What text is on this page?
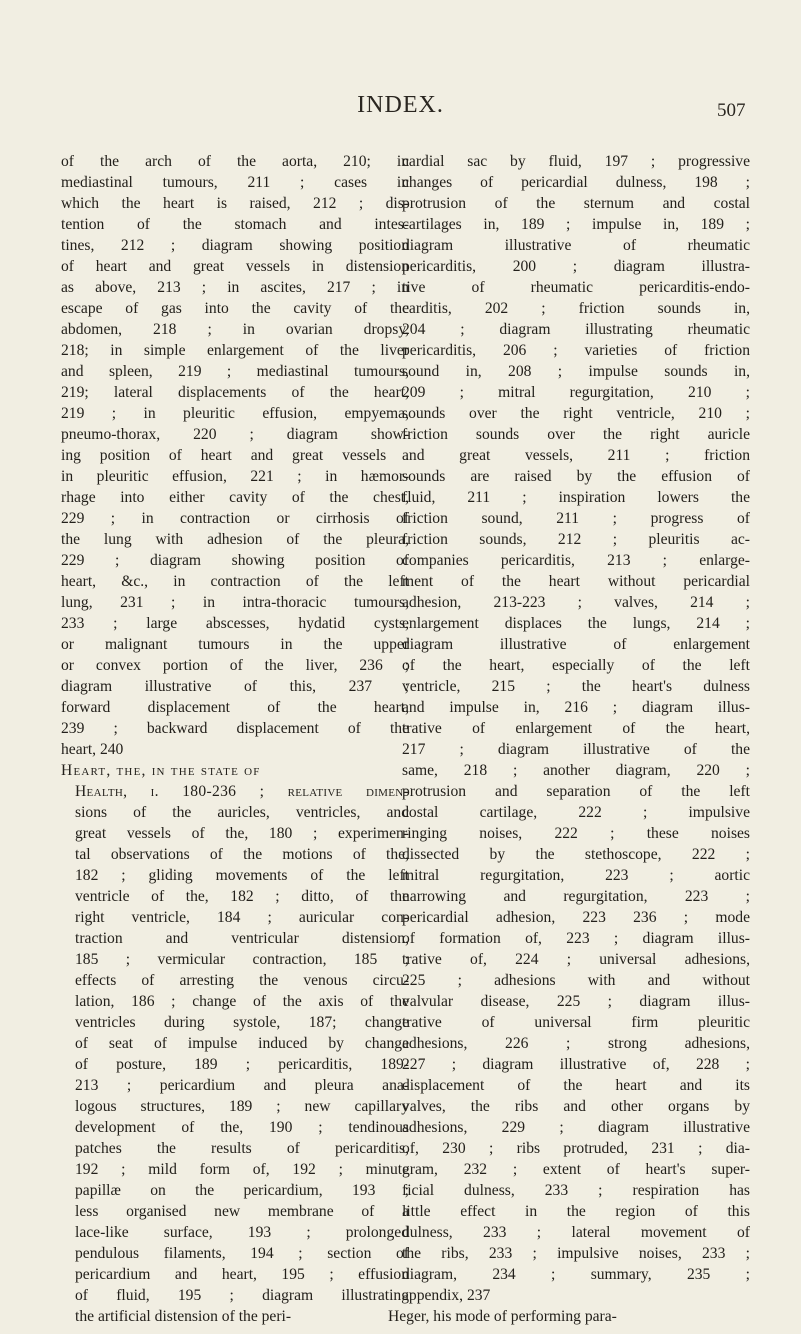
INDEX.	507
of the arch of the aorta, 210; in
mediastinal tumours, 211 ; cases in
which the heart is raised, 212 ; dis-
tention of the stomach and intes-
tines, 212 ; diagram showing position
of heart and great vessels in distension
as above, 213 ; in ascites, 217 ; in
escape of gas into the cavity of the
abdomen, 218 ; in ovarian dropsy,
218; in simple enlargement of the liver
and spleen, 219 ; mediastinal tumours,
219; lateral displacements of the heart,
219 ; in pleuritic effusion, empyema,
pneumo-thorax, 220 ; diagram show-
ing position of heart and great vessels .
in pleuritic effusion, 221 ; in hæmor-
rhage into either cavity of the chest,
229 ; in contraction or cirrhosis of
the lung with adhesion of the pleura,
229 ; diagram showing position of
heart, &c., in contraction of the left
lung, 231 ; in intra-thoracic tumours,
233 ; large abscesses, hydatid cysts,
or malignant tumours in the upper
or convex portion of the liver, 236 ;
diagram illustrative of this, 237 ;
forward displacement of the heart,
239 ; backward displacement of the
heart, 240
Heart, the, in the state of
Health, i. 180-236 ; relative dimen-
sions of the auricles, ventricles, and
great vessels of the, 180 ; experimen-
tal observations of the motions of the,
182 ; gliding movements of the left
ventricle of the, 182 ; ditto, of the
right ventricle, 184 ; auricular con-
traction and ventricular distension,
185 ; vermicular contraction, 185 ;
effects of arresting the venous circu-
lation, 186 ; change of the axis of the
ventricles during systole, 187; change
of seat of impulse induced by change
of posture, 189 ; pericarditis, 189-
213 ; pericardium and pleura ana-
logous structures, 189 ; new capillary
development of the, 190 ; tendinous
patches the results of pericarditis,
192 ; mild form of, 192 ; minute
papillæ on the pericardium, 193 ;
less organised new membrane of a
lace-like surface, 193 ; prolonged
pendulous filaments, 194 ; section of
pericardium and heart, 195 ; effusion
of fluid, 195 ; diagram illustrating
the artificial distension of the peri-
cardial sac by fluid, 197 ; progressive
changes of pericardial dulness, 198 ;
protrusion of the sternum and costal
cartilages in, 189 ; impulse in, 189 ;
diagram illustrative of rheumatic
pericarditis, 200 ; diagram illustra-
tive of rheumatic pericarditis-endo-
carditis, 202 ; friction sounds in,
204 ; diagram illustrating rheumatic
pericarditis, 206 ; varieties of friction
sound in, 208 ; impulse sounds in,
209 ; mitral regurgitation, 210 ;
sounds over the right ventricle, 210 ;
friction sounds over the right auricle
and great vessels, 211 ; friction
sounds are raised by the effusion of
fluid, 211 ; inspiration lowers the
friction sound, 211 ; progress of
friction sounds, 212 ; pleuritis ac-
companies pericarditis, 213 ; enlarge-
ment of the heart without pericardial
adhesion, 213-223 ; valves, 214 ;
enlargement displaces the lungs, 214 ;
diagram illustrative of enlargement
of the heart, especially of the left
ventricle, 215 ; the heart's dulness
and impulse in, 216 ; diagram illus-
trative of enlargement of the heart,
217 ; diagram illustrative of the
same, 218 ; another diagram, 220 ;
protrusion and separation of the left
costal cartilage, 222 ; impulsive
ringing noises, 222 ; these noises
dissected by the stethoscope, 222 ;
mitral regurgitation, 223 ; aortic
narrowing and regurgitation, 223 ;
pericardial adhesion, 223 236 ; mode
of formation of, 223 ; diagram illus-
trative of, 224 ; universal adhesions,
225 ; adhesions with and without
valvular disease, 225 ; diagram illus-
trative of universal firm pleuritic
adhesions, 226 ; strong adhesions,
227 ; diagram illustrative of, 228 ;
displacement of the heart and its
valves, the ribs and other organs by
adhesions, 229 ; diagram illustrative
of, 230 ; ribs protruded, 231 ; dia-
gram, 232 ; extent of heart's super-
ficial dulness, 233 ; respiration has
little effect in the region of this
dulness, 233 ; lateral movement of
the ribs, 233 ; impulsive noises, 233 ;
diagram, 234 ; summary, 235 ;
appendix, 237
Heger, his mode of performing para-
